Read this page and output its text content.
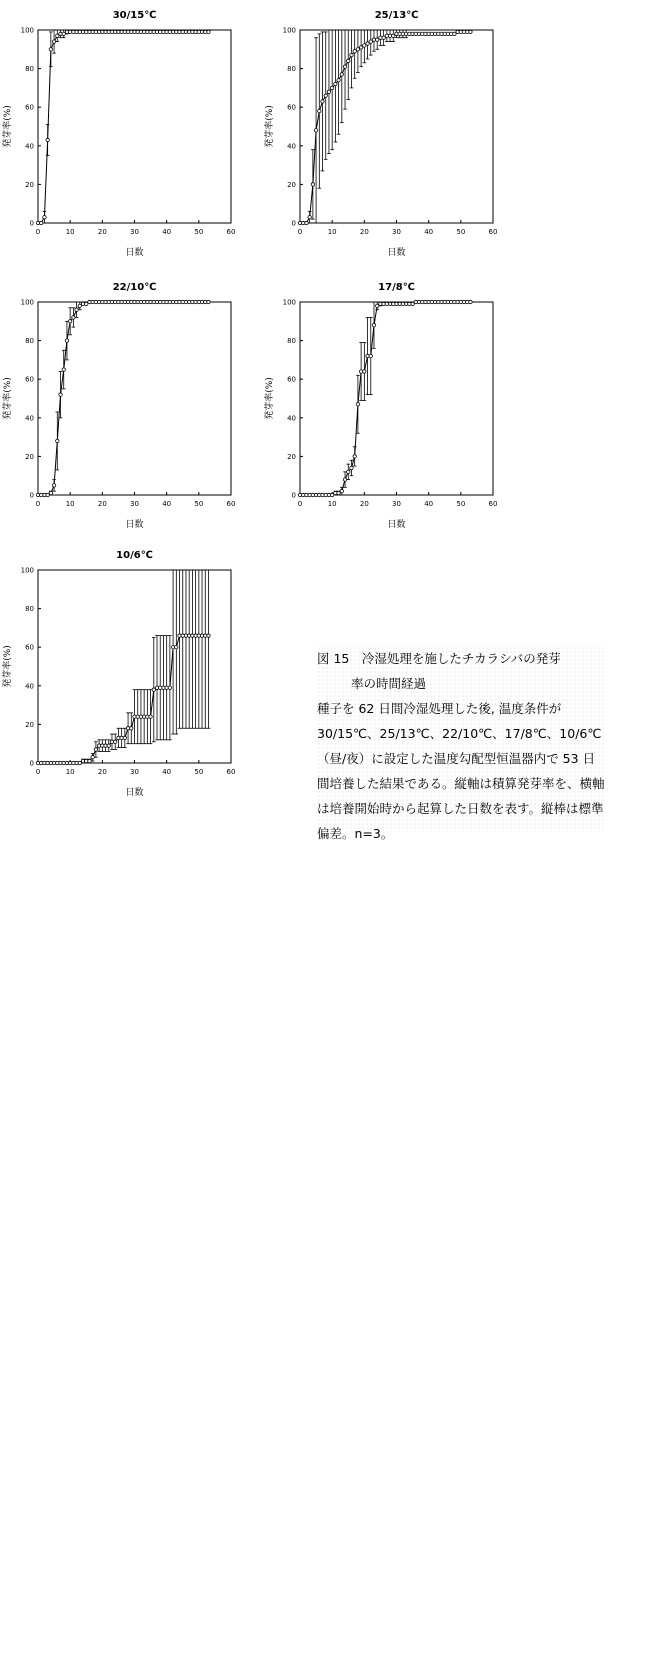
30/15℃
0	10	20	30	40	50	60
0
20
40
60
80
100
日数
発芽率(%)
25/13℃
0	10	20	30	40	50	60
0
20
40
60
80
100
日数
発芽率(%)
22/10℃
0	10	20	30	40	50	60
0
20
40
60
80
100
日数
発芽率(%)
17/8℃
0	10	20	30	40	50	60
0
20
40
60
80
100
日数
発芽率(%)
10/6℃
0	10	20	30	40	50	60
0
20
40
60
80
100
日数
発芽率(%)	図 15　冷湿処理を施したチカラシバの発芽
率の時間経過
種子を 62 日間冷湿処理した後, 温度条件が 30/15℃、25/13℃、22/10℃、17/8℃、10/6℃（昼/夜）に設定した温度勾配型恒温器内で 53 日間培養した結果である。縦軸は積算発芽率を、横軸は培養開始時から起算した日数を表す。縦棒は標準偏差。n=3。
